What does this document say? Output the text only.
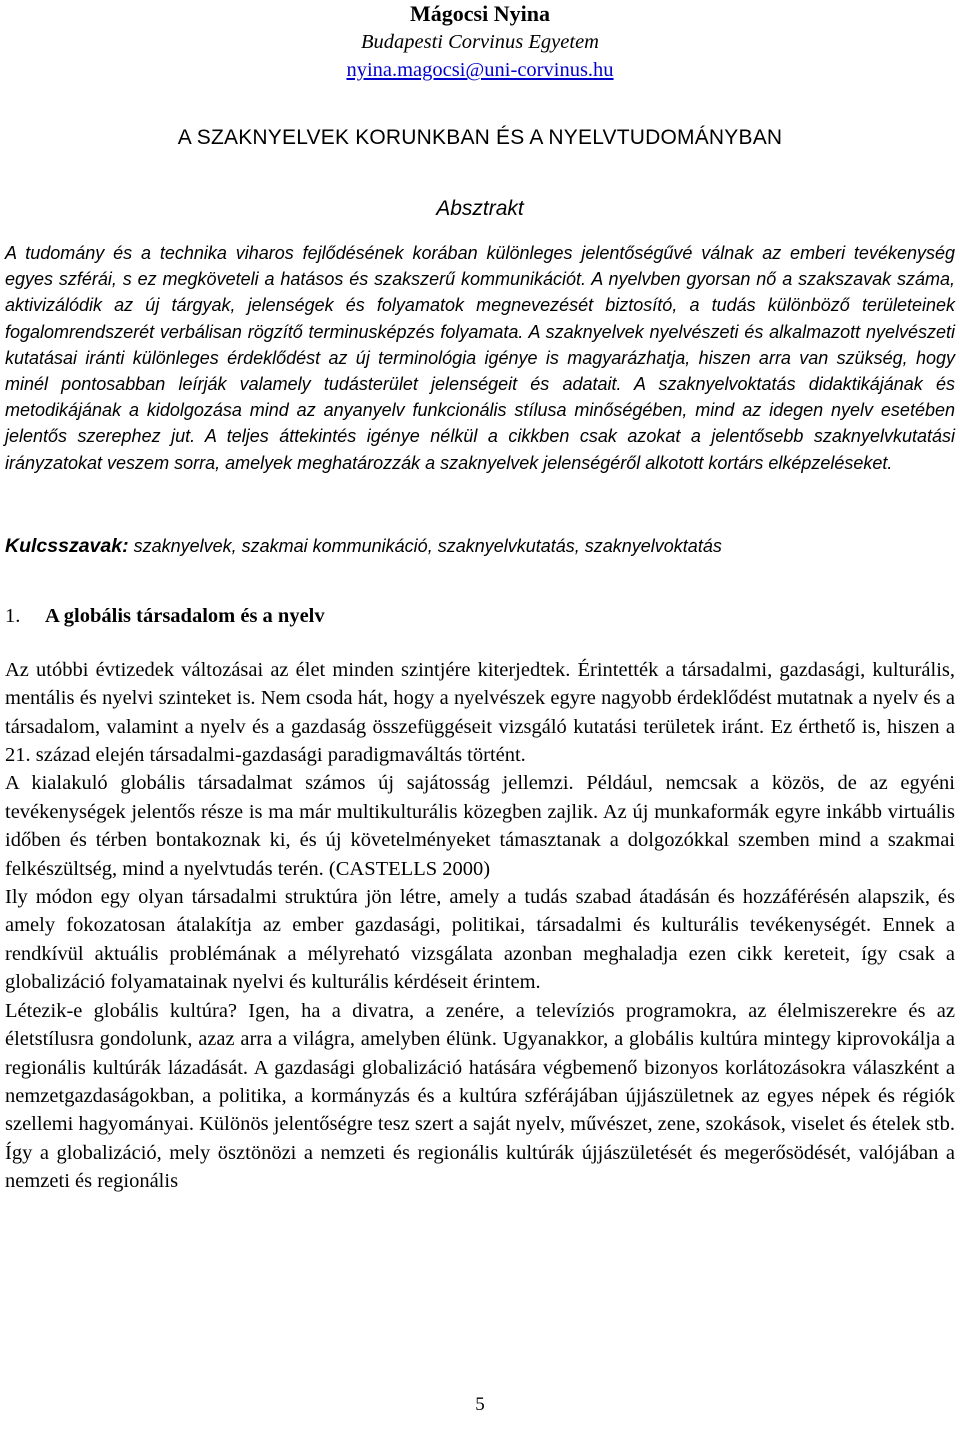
Mágocsi Nyina
Budapesti Corvinus Egyetem
nyina.magocsi@uni-corvinus.hu
A SZAKNYELVEK KORUNKBAN ÉS A NYELVTUDOMÁNYBAN
Absztrakt
A tudomány és a technika viharos fejlődésének korában különleges jelentőségűvé válnak az emberi tevékenység egyes szférái, s ez megköveteli a hatásos és szakszerű kommunikációt. A nyelvben gyorsan nő a szakszavak száma, aktivizálódik az új tárgyak, jelenségek és folyamatok megnevezését biztosító, a tudás különböző területeinek fogalomrendszerét verbálisan rögzítő terminusképzés folyamata. A szaknyelvek nyelvészeti és alkalmazott nyelvészeti kutatásai iránti különleges érdeklődést az új terminológia igénye is magyarázhatja, hiszen arra van szükség, hogy minél pontosabban leírják valamely tudásterület jelenségeit és adatait. A szaknyelvoktatás didaktikájának és metodikájának a kidolgozása mind az anyanyelv funkcionális stílusa minőségében, mind az idegen nyelv esetében jelentős szerephez jut. A teljes áttekintés igénye nélkül a cikkben csak azokat a jelentősebb szaknyelvkutatási irányzatokat veszem sorra, amelyek meghatározzák a szaknyelvek jelenségéről alkotott kortárs elképzeléseket.
Kulcsszavak: szaknyelvek, szakmai kommunikáció, szaknyelvkutatás, szaknyelvoktatás
1. A globális társadalom és a nyelv

Az utóbbi évtizedek változásai az élet minden szintjére kiterjedtek. Érintették a társadalmi, gazdasági, kulturális, mentális és nyelvi szinteket is. Nem csoda hát, hogy a nyelvészek egyre nagyobb érdeklődést mutatnak a nyelv és a társadalom, valamint a nyelv és a gazdaság összefüggéseit vizsgáló kutatási területek iránt. Ez érthető is, hiszen a 21. század elején társadalmi-gazdasági paradigmaváltás történt.

A kialakuló globális társadalmat számos új sajátosság jellemzi. Például, nemcsak a közös, de az egyéni tevékenységek jelentős része is ma már multikulturális közegben zajlik. Az új munkaformák egyre inkább virtuális időben és térben bontakoznak ki, és új követelményeket támasztanak a dolgozókkal szemben mind a szakmai felkészültség, mind a nyelvtudás terén. (CASTELLS 2000)

Ily módon egy olyan társadalmi struktúra jön létre, amely a tudás szabad átadásán és hozzáférésén alapszik, és amely fokozatosan átalakítja az ember gazdasági, politikai, társadalmi és kulturális tevékenységét. Ennek a rendkívül aktuális problémának a mélyreható vizsgálata azonban meghaladja ezen cikk kereteit, így csak a globalizáció folyamatainak nyelvi és kulturális kérdéseit érintem.

Létezik-e globális kultúra? Igen, ha a divatra, a zenére, a televíziós programokra, az élelmiszerekre és az életstílusra gondolunk, azaz arra a világra, amelyben élünk. Ugyanakkor, a globális kultúra mintegy kiprovokálja a regionális kultúrák lázadását. A gazdasági globalizáció hatására végbemenő bizonyos korlátozásokra válaszként a nemzetgazdaságokban, a politika, a kormányzás és a kultúra szférájában újjászületnek az egyes népek és régiók szellemi hagyományai. Különös jelentőségre tesz szert a saját nyelv, művészet, zene, szokások, viselet és ételek stb. Így a globalizáció, mely ösztönözi a nemzeti és regionális kultúrák újjászületését és megerősödését, valójában a nemzeti és regionális

5
